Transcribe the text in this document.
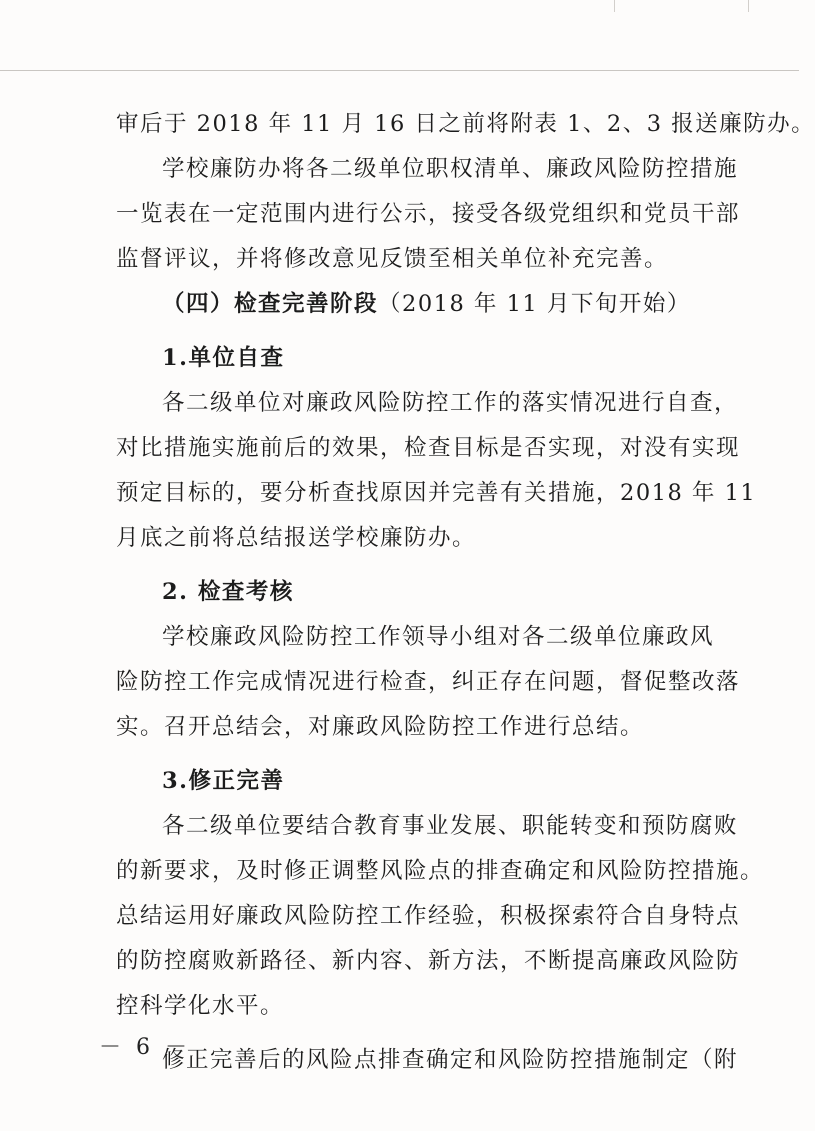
审后于 2018 年 11 月 16 日之前将附表 1、2、3 报送廉防办。
学校廉防办将各二级单位职权清单、廉政风险防控措施
一览表在一定范围内进行公示，接受各级党组织和党员干部
监督评议，并将修改意见反馈至相关单位补充完善。
（四）检查完善阶段（2018 年 11 月下旬开始）
1.单位自查
各二级单位对廉政风险防控工作的落实情况进行自查，
对比措施实施前后的效果，检查目标是否实现，对没有实现
预定目标的，要分析查找原因并完善有关措施，2018 年 11
月底之前将总结报送学校廉防办。
2. 检查考核
学校廉政风险防控工作领导小组对各二级单位廉政风
险防控工作完成情况进行检查，纠正存在问题，督促整改落
实。召开总结会，对廉政风险防控工作进行总结。
3.修正完善
各二级单位要结合教育事业发展、职能转变和预防腐败
的新要求，及时修正调整风险点的排查确定和风险防控措施。
总结运用好廉政风险防控工作经验，积极探索符合自身特点
的防控腐败新路径、新内容、新方法，不断提高廉政风险防
控科学化水平。
修正完善后的风险点排查确定和风险防控措施制定（附
－ 6 －
